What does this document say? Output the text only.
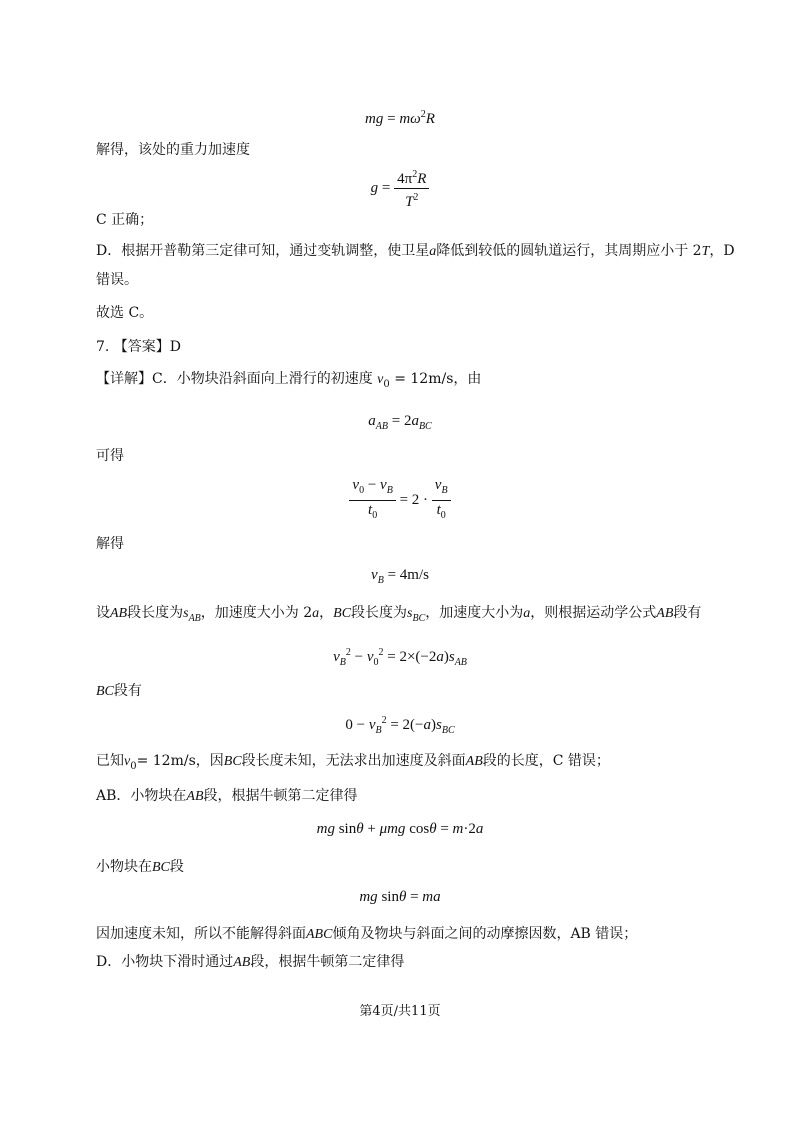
mg = $m\omega^2R$
解得，该处的重力加速度
$g = \frac{4\pi^2R}{T^2}$
C 正确；
D．根据开普勒第三定律可知，通过变轨调整，使卫星a降低到较低的圆轨道运行，其周期应小于 2T，D
错误。
故选 C。
7. 【答案】D
【详解】C．小物块沿斜面向上滑行的初速度 $v_0 = 12m/s$，由
$a_{AB} = 2a_{BC}$
可得
$\frac{v_0 - v_B}{t_0} = 2 \cdot \frac{v_B}{t_0}$
解得
$v_B = 4m/s$
设AB段长度为$s_{AB}$，加速度大小为 2a，BC段长度为$s_{BC}$，加速度大小为a，则根据运动学公式AB段有
$v_B^2 - v_0^2 = 2\times(-2a)s_{AB}$
BC段有
$0 - v_B^2 = 2(-a)s_{BC}$
已知$v_0= 12m/s$，因BC段长度未知，无法求出加速度及斜面AB段的长度，C 错误；
AB．小物块在AB段，根据牛顿第二定律得
mg sinθ + μmg cosθ = m·2a
小物块在BC段
mg sinθ = ma
因加速度未知，所以不能解得斜面ABC倾角及物块与斜面之间的动摩擦因数，AB 错误；
D．小物块下滑时通过AB段，根据牛顿第二定律得
第4页/共11页
